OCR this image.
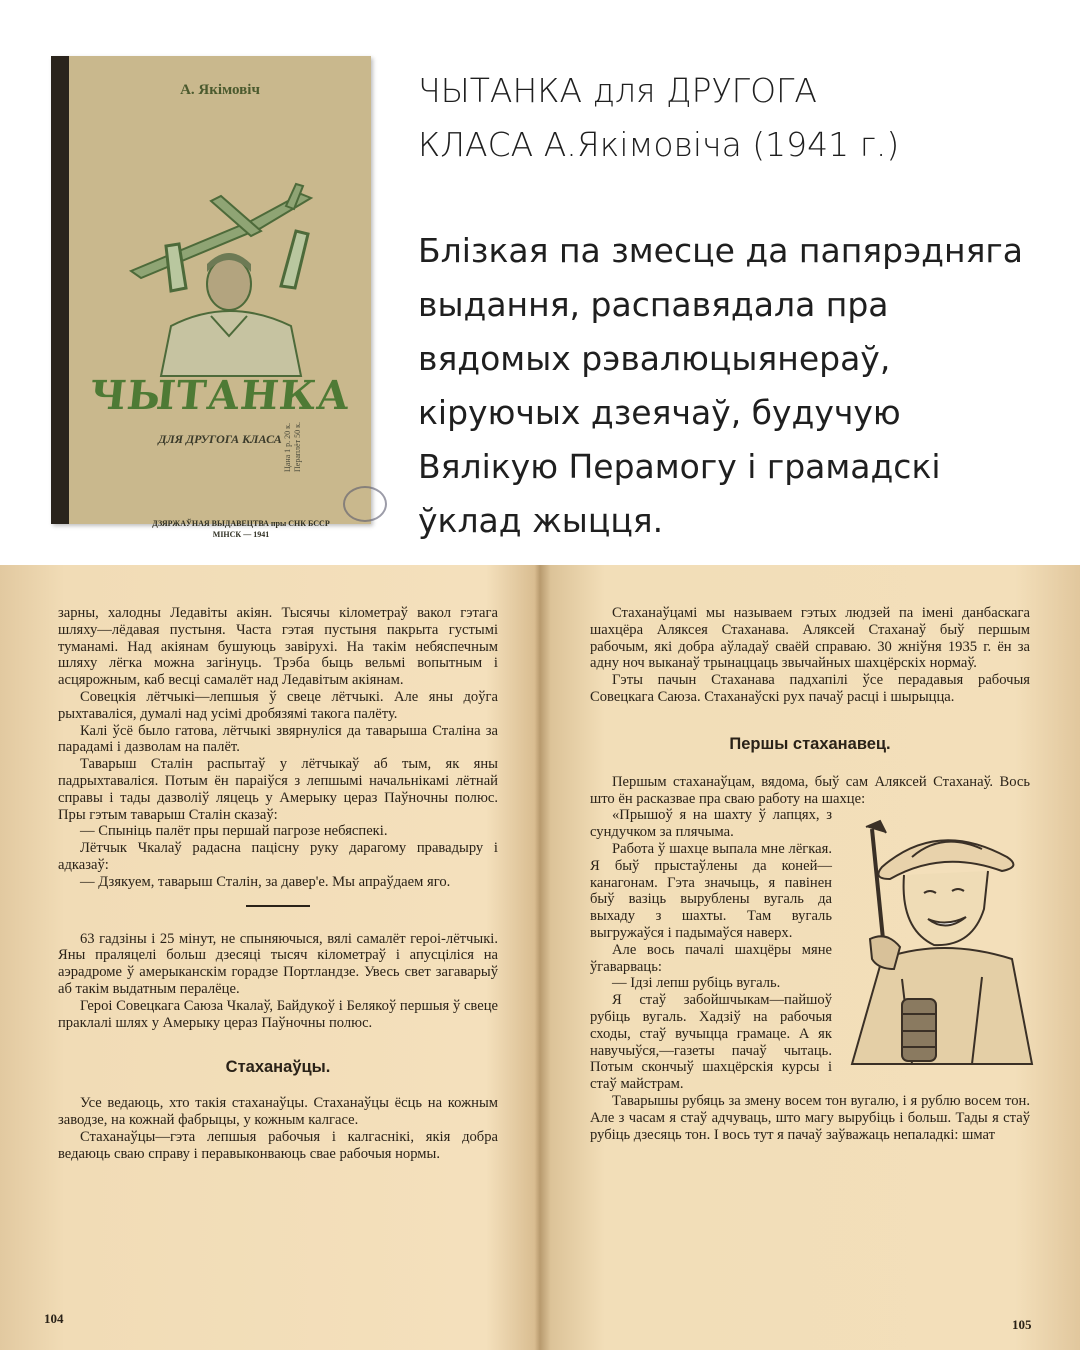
А. Якімовіч
ЧЫТАНКА
ДЛЯ ДРУГОГА КЛАСА Цана 1 р. 20 к. Пераплёт 50 к.
ДЗЯРЖАЎНАЯ ВЫДАВЕЦТВА пры СНК БССР
МІНСК — 1941
ЧЫТАНКА для ДРУГОГА
КЛАСА А.Якімовіча (1941 г.)
Блізкая па змесце да папярэдняга
выдання, распавядала пра
вядомых рэвалюцыянераў,
кіруючых дзеячаў, будучую
Вялікую Перамогу і грамадскі
ўклад жыцця.

зарны, халодны Ледавіты акіян. Тысячы кілометраў вакол гэтага шляху—лёдавая пустыня. Часта гэтая пустыня пакрыта густымі туманамі. Над акіянам бушуюць завірухі. На такім небяспечным шляху лёгка можна загінуць. Трэба быць вельмі вопытным і асцярожным, каб весці самалёт над Ледавітым акіянам.

Совецкія лётчыкі—лепшыя ў свеце лётчыкі. Але яны доўга рыхтаваліся, думалі над усімі дробязямі такога палёту.

Калі ўсё было гатова, лётчыкі звярнуліся да таварыша Сталіна за парадамі і дазволам на палёт.

Таварыш Сталін распытаў у лётчыкаў аб тым, як яны падрыхтаваліся. Потым ён параіўся з лепшымі начальнікамі лётнай справы і тады дазволіў ляцець у Амерыку цераз Паўночны полюс. Пры гэтым таварыш Сталін сказаў:

— Спыніць палёт пры першай пагрозе небяспекі.

Лётчык Чкалаў радасна пацісну руку дарагому правадыру і адказаў:

— Дзякуем, таварыш Сталін, за давер'е. Мы апраўдаем яго.

63 гадзіны і 25 мінут, не спыняючыся, вялі самалёт героі-лётчыкі. Яны праляцелі больш дзесяці тысяч кілометраў і апусціліся на аэрадроме ў амерыканскім горадзе Портландзе. Увесь свет загаварыў аб такім выдатным пералёце.

Героі Совецкага Саюза Чкалаў, Байдукоў і Белякоў першыя ў свеце праклалі шлях у Амерыку цераз Паўночны полюс.

Стаханаўцы.

Усе ведаюць, хто такія стаханаўцы. Стаханаўцы ёсць на кожным заводзе, на кожнай фабрыцы, у кожным калгасе.

Стаханаўцы—гэта лепшыя рабочыя і калгаснікі, якія добра ведаюць сваю справу і перавыконваюць свае рабочыя нормы.

104

Стаханаўцамі мы называем гэтых людзей па імені данбаскага шахцёра Аляксея Стаханава. Аляксей Стаханаў быў першым рабочым, які добра аўладаў сваёй справаю. 30 жніўня 1935 г. ён за адну ноч выканаў трынаццаць звычайных шахцёрскіх нормаў.

Гэты пачын Стаханава падхапілі ўсе перадавыя рабочыя Совецкага Саюза. Стаханаўскі рух пачаў расці і шырыцца.

Першы стаханавец.

Першым стаханаўцам, вядома, быў сам Аляксей Стаханаў. Вось што ён расказвае пра сваю работу на шахце:

«Прышоў я на шахту ў лапцях, з сундучком за плячыма.

Работа ў шахце выпала мне лёгкая. Я быў прыстаўлены да коней—канагонам. Гэта значыць, я павінен быў вазіць вырублены вугаль да выхаду з шахты. Там вугаль выгружаўся і падымаўся наверх.

Але вось пачалі шахцёры мяне ўгаварваць:

— Ідзі лепш рубіць вугаль.

Я стаў забойшчыкам—пайшоў рубіць вугаль. Хадзіў на рабочыя сходы, стаў вучыцца грамаце. А як навучыўся,—газеты пачаў чытаць. Потым скончыў шахцёрскія курсы і стаў майстрам.

Таварышы рубяць за змену восем тон вугалю, і я рублю восем тон. Але з часам я стаў адчуваць, што магу вырубіць і больш. Тады я стаў рубіць дзесяць тон. І вось тут я пачаў заўважаць непаладкі: шмат

105
